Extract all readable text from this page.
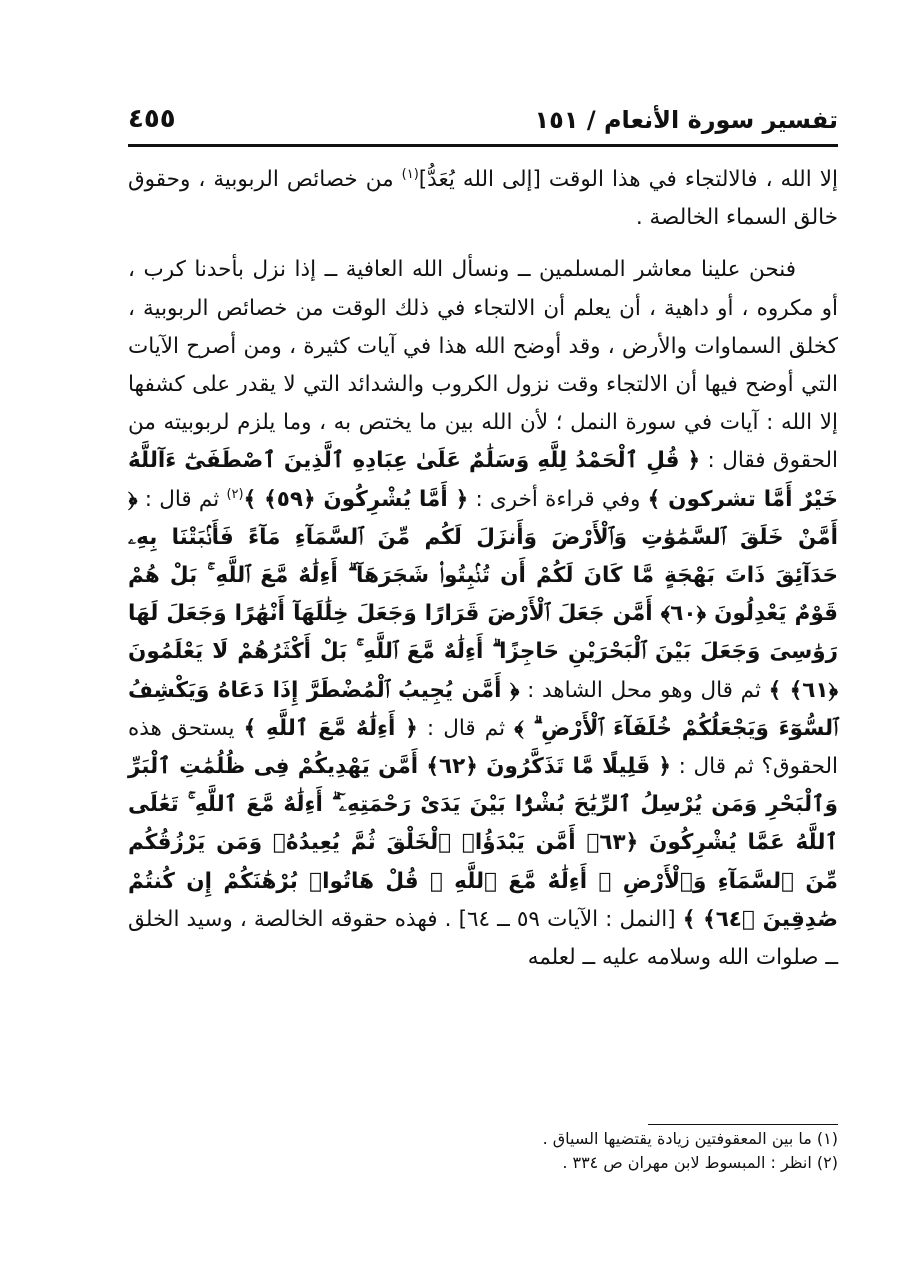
تفسير سورة الأنعام / ١٥١
٤٥٥

إلا الله ، فالالتجاء في هذا الوقت [إلى الله يُعَدُّ]$^{(١)}$ من خصائص الربوبية ، وحقوق خالق السماء الخالصة .

فنحن علينا معاشر المسلمين ــ ونسأل الله العافية ــ إذا نزل بأحدنا كرب ، أو مكروه ، أو داهية ، أن يعلم أن الالتجاء في ذلك الوقت من خصائص الربوبية ، كخلق السماوات والأرض ، وقد أوضح الله هذا في آيات كثيرة ، ومن أصرح الآيات التي أوضح فيها أن الالتجاء وقت نزول الكروب والشدائد التي لا يقدر على كشفها إلا الله : آيات في سورة النمل ؛ لأن الله بين ما يختص به ، وما يلزم لربوبيته من الحقوق فقال : ﴿ قُلِ ٱلْحَمْدُ لِلَّهِ وَسَلَٰمٌ عَلَىٰ عِبَادِهِ ٱلَّذِينَ ٱصْطَفَىٰٓ ءَآللَّهُ خَيْرٌ أَمَّا تشركون ﴾ وفي قراءة أخرى : ﴿ أَمَّا يُشْرِكُونَ ﴿٥٩﴾ ﴾$^{(٢)}$ ثم قال : ﴿ أَمَّنْ خَلَقَ ٱلسَّمَٰوَٰتِ وَٱلْأَرْضَ وَأَنزَلَ لَكُم مِّنَ ٱلسَّمَآءِ مَآءً فَأَنۢبَتْنَا بِهِۦ حَدَآئِقَ ذَاتَ بَهْجَةٍ مَّا كَانَ لَكُمْ أَن تُنۢبِتُوا۟ شَجَرَهَآ ۗ أَءِلَٰهٌ مَّعَ ٱللَّهِ ۚ بَلْ هُمْ قَوْمٌ يَعْدِلُونَ ﴿٦٠﴾ أَمَّن جَعَلَ ٱلْأَرْضَ قَرَارًا وَجَعَلَ خِلَٰلَهَآ أَنْهَٰرًا وَجَعَلَ لَهَا رَوَٰسِىَ وَجَعَلَ بَيْنَ ٱلْبَحْرَيْنِ حَاجِزًا ۗ أَءِلَٰهٌ مَّعَ ٱللَّهِ ۚ بَلْ أَكْثَرُهُمْ لَا يَعْلَمُونَ ﴿٦١﴾ ﴾ ثم قال وهو محل الشاهد : ﴿ أَمَّن يُجِيبُ ٱلْمُضْطَرَّ إِذَا دَعَاهُ وَيَكْشِفُ ٱلسُّوٓءَ وَيَجْعَلُكُمْ خُلَفَآءَ ٱلْأَرْضِ ۗ ﴾ ثم قال : ﴿ أَءِلَٰهٌ مَّعَ ٱللَّهِ ﴾ يستحق هذه الحقوق؟ ثم قال : ﴿ قَلِيلًا مَّا تَذَكَّرُونَ ﴿٦٢﴾ أَمَّن يَهْدِيكُمْ فِى ظُلُمَٰتِ ٱلْبَرِّ وَٱلْبَحْرِ وَمَن يُرْسِلُ ٱلرِّيَٰحَ بُشْرًۢا بَيْنَ يَدَىْ رَحْمَتِهِۦٓ ۗ أَءِلَٰهٌ مَّعَ ٱللَّهِ ۚ تَعَٰلَى ٱللَّهُ عَمَّا يُشْرِكُونَ ﴿٦٣﴾ أَمَّن يَبْدَؤُا۟ ٱلْخَلْقَ ثُمَّ يُعِيدُهُۥ وَمَن يَرْزُقُكُم مِّنَ ٱلسَّمَآءِ وَٱلْأَرْضِ ۗ أَءِلَٰهٌ مَّعَ ٱللَّهِ ۚ قُلْ هَاتُوا۟ بُرْهَٰنَكُمْ إِن كُنتُمْ صَٰدِقِينَ ﴿٦٤﴾ ﴾ [النمل : الآيات ٥٩ ــ ٦٤] . فهذه حقوقه الخالصة ، وسيد الخلق ــ صلوات الله وسلامه عليه ــ لعلمه

(١) ما بين المعقوفتين زيادة يقتضيها السياق .
(٢) انظر : المبسوط لابن مهران ص ٣٣٤ .
